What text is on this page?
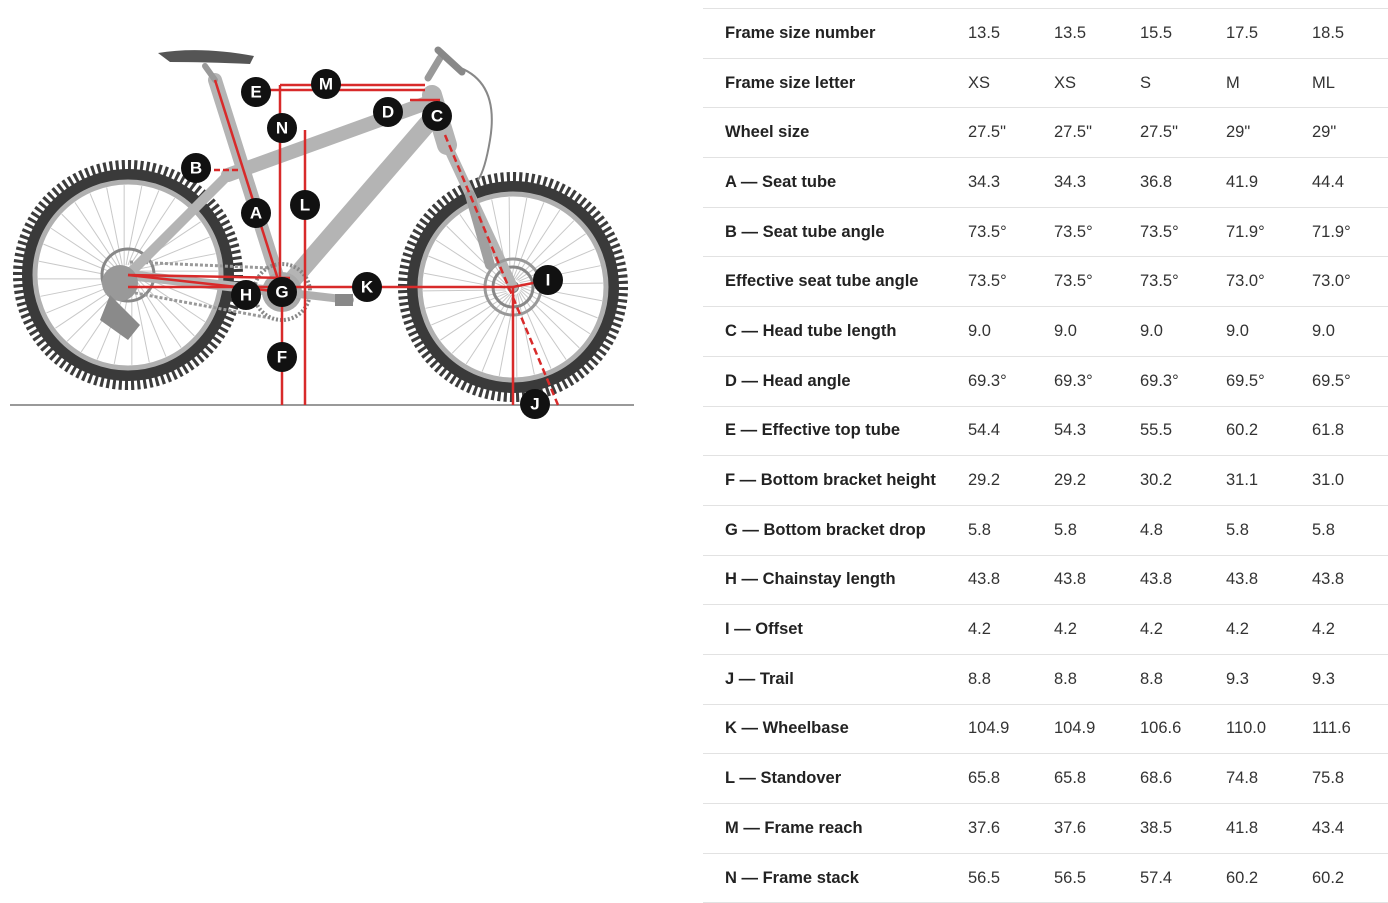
A
B
C
D
E
F
G
H
I
J
K
L
M
N
Frame size number	13.5	13.5	15.5	17.5	18.5
Frame size letter	XS	XS	S	M	ML
Wheel size	27.5"	27.5"	27.5"	29"	29"
A — Seat tube	34.3	34.3	36.8	41.9	44.4
B — Seat tube angle	73.5°	73.5°	73.5°	71.9°	71.9°
Effective seat tube angle	73.5°	73.5°	73.5°	73.0°	73.0°
C — Head tube length	9.0	9.0	9.0	9.0	9.0
D — Head angle	69.3°	69.3°	69.3°	69.5°	69.5°
E — Effective top tube	54.4	54.3	55.5	60.2	61.8
F — Bottom bracket height	29.2	29.2	30.2	31.1	31.0
G — Bottom bracket drop	5.8	5.8	4.8	5.8	5.8
H — Chainstay length	43.8	43.8	43.8	43.8	43.8
I — Offset	4.2	4.2	4.2	4.2	4.2
J — Trail	8.8	8.8	8.8	9.3	9.3
K — Wheelbase	104.9	104.9	106.6	110.0	111.6
L — Standover	65.8	65.8	68.6	74.8	75.8
M — Frame reach	37.6	37.6	38.5	41.8	43.4
N — Frame stack	56.5	56.5	57.4	60.2	60.2
